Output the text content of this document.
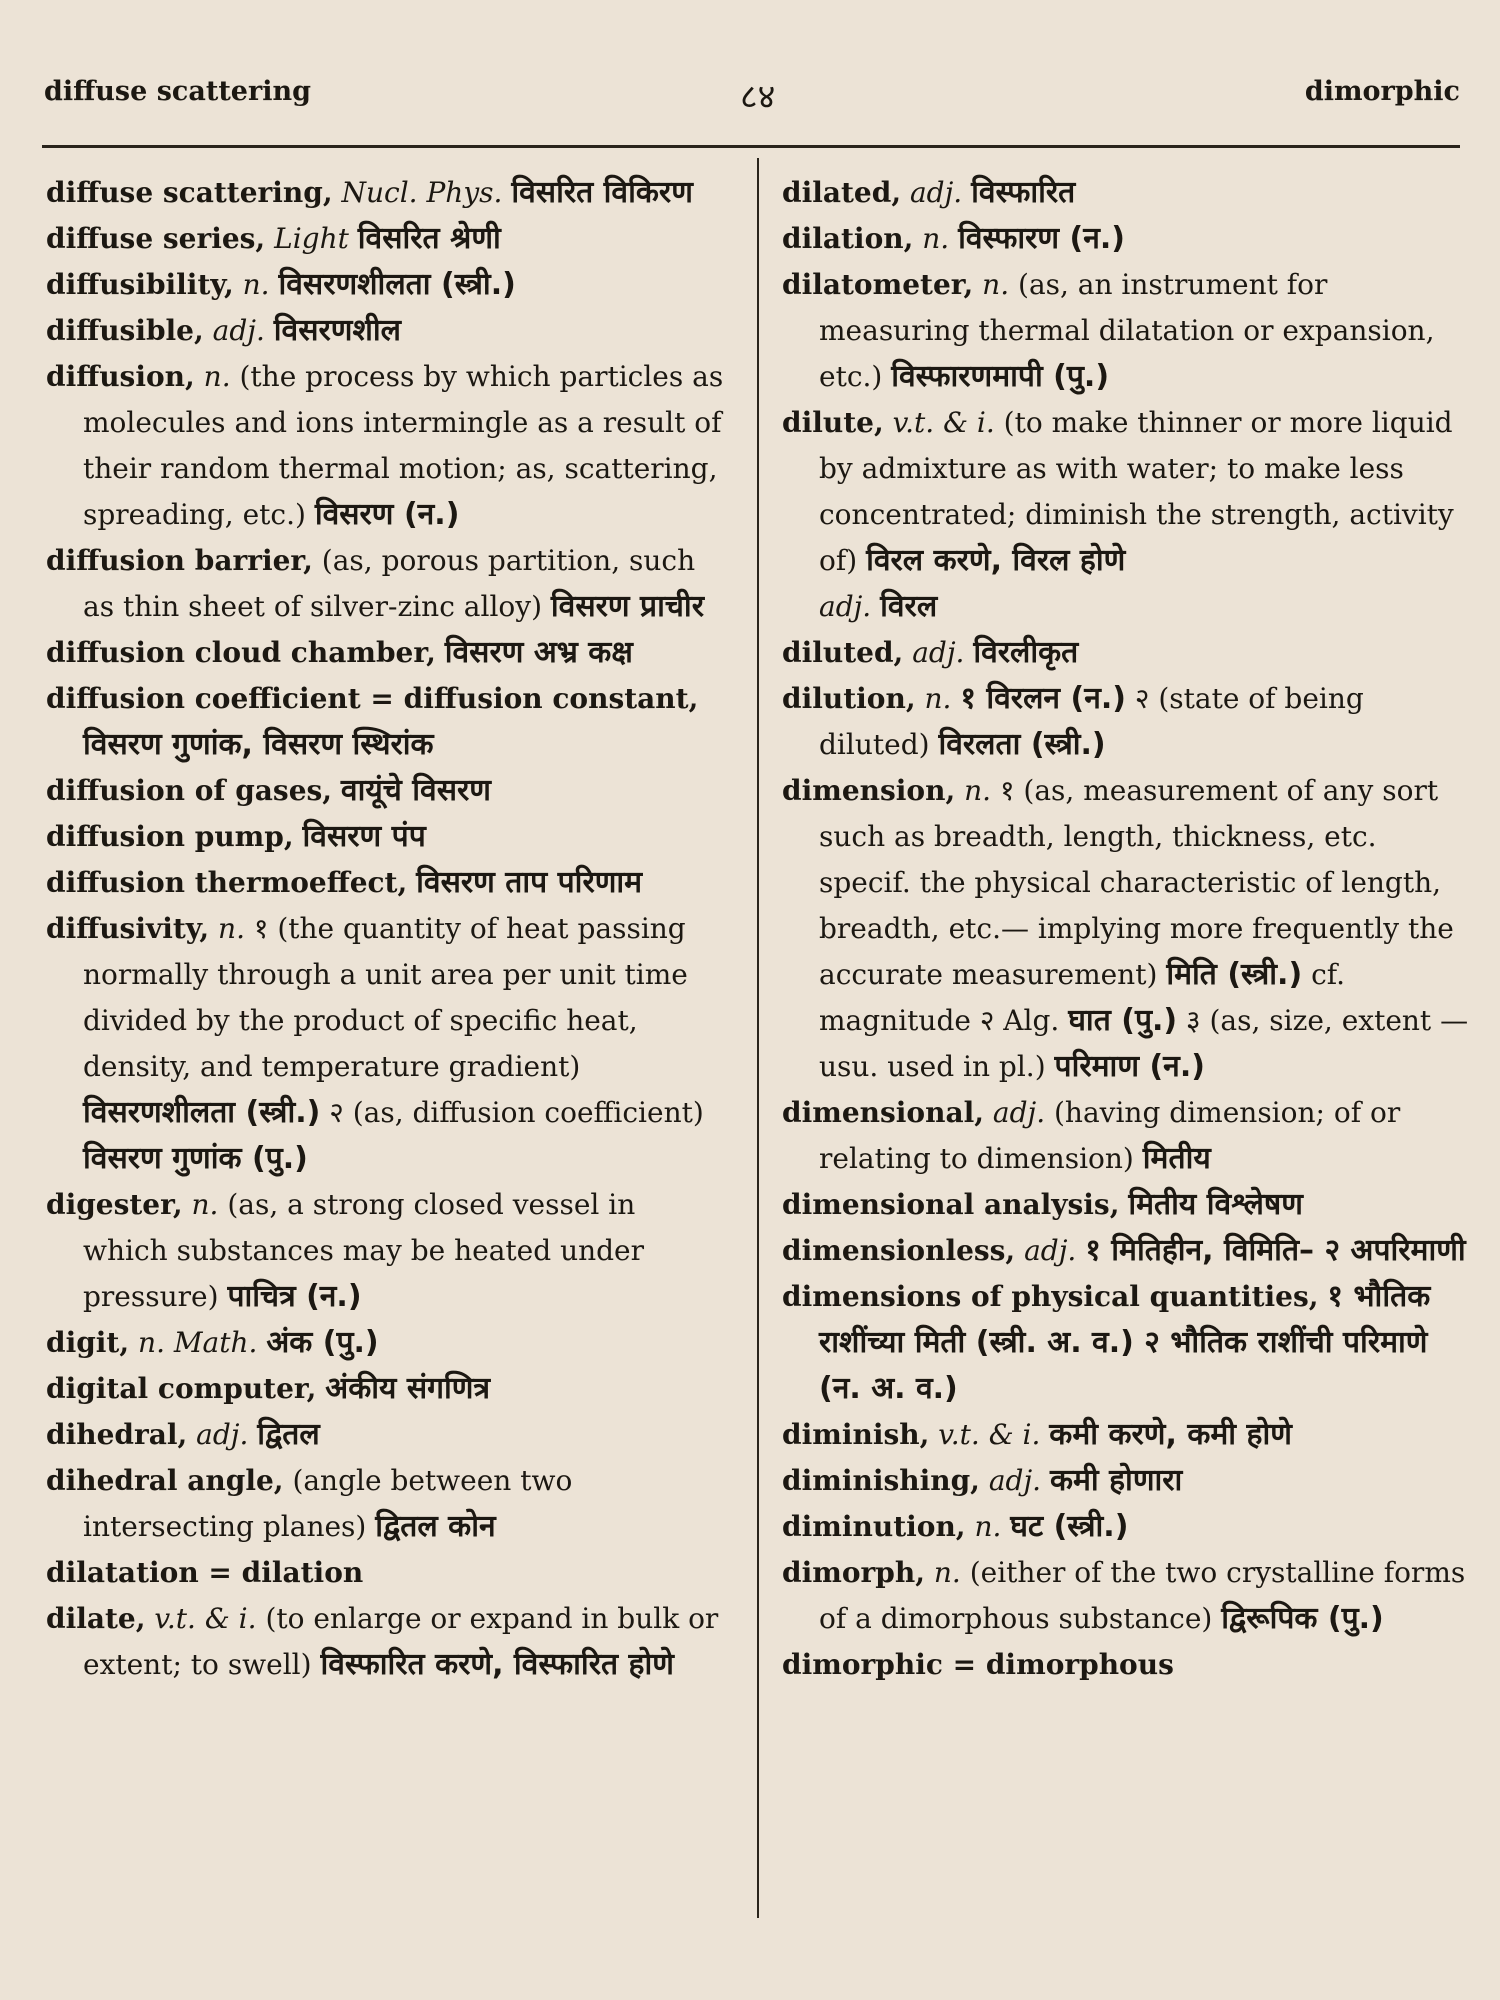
diffuse scattering	८४	dimorphic

diffuse scattering, Nucl. Phys. विसरित विकिरण

diffuse series, Light विसरित श्रेणी

diffusibility, n. विसरणशीलता (स्त्री.)

diffusible, adj. विसरणशील

diffusion, n. (the process by which particles as molecules and ions intermingle as a result of their random thermal motion; as, scattering, spreading, etc.) विसरण (न.)

diffusion barrier, (as, porous partition, such as thin sheet of silver-zinc alloy) विसरण प्राचीर

diffusion cloud chamber, विसरण अभ्र कक्ष

diffusion coefficient = diffusion constant, विसरण गुणांक, विसरण स्थिरांक

diffusion of gases, वायूंचे विसरण

diffusion pump, विसरण पंप

diffusion thermoeffect, विसरण ताप परिणाम

diffusivity, n. १ (the quantity of heat passing normally through a unit area per unit time divided by the product of specific heat, density, and temperature gradient) विसरणशीलता (स्त्री.) २ (as, diffusion coefficient) विसरण गुणांक (पु.)

digester, n. (as, a strong closed vessel in which substances may be heated under pressure) पाचित्र (न.)

digit, n. Math. अंक (पु.)

digital computer, अंकीय संगणित्र

dihedral, adj. द्वितल

dihedral angle, (angle between two intersecting planes) द्वितल कोन

dilatation = dilation

dilate, v.t. & i. (to enlarge or expand in bulk or extent; to swell) विस्फारित करणे, विस्फारित होणे

dilated, adj. विस्फारित

dilation, n. विस्फारण (न.)

dilatometer, n. (as, an instrument for measuring thermal dilatation or expansion, etc.) विस्फारणमापी (पु.)

dilute, v.t. & i. (to make thinner or more liquid by admixture as with water; to make less concentrated; diminish the strength, activity of) विरल करणे, विरल होणे

adj. विरल

diluted, adj. विरलीकृत

dilution, n. १ विरलन (न.) २ (state of being diluted) विरलता (स्त्री.)

dimension, n. १ (as, measurement of any sort such as breadth, length, thickness, etc. specif. the physical characteristic of length, breadth, etc.— implying more frequently the accurate measurement) मिति (स्त्री.) cf. magnitude २ Alg. घात (पु.) ३ (as, size, extent — usu. used in pl.) परिमाण (न.)

dimensional, adj. (having dimension; of or relating to dimension) मितीय

dimensional analysis, मितीय विश्लेषण

dimensionless, adj. १ मितिहीन, विमिति– २ अपरिमाणी

dimensions of physical quantities, १ भौतिक राशींच्या मिती (स्त्री. अ. व.) २ भौतिक राशींची परिमाणे (न. अ. व.)

diminish, v.t. & i. कमी करणे, कमी होणे

diminishing, adj. कमी होणारा

diminution, n. घट (स्त्री.)

dimorph, n. (either of the two crystalline forms of a dimorphous substance) द्विरूपिक (पु.)

dimorphic = dimorphous
